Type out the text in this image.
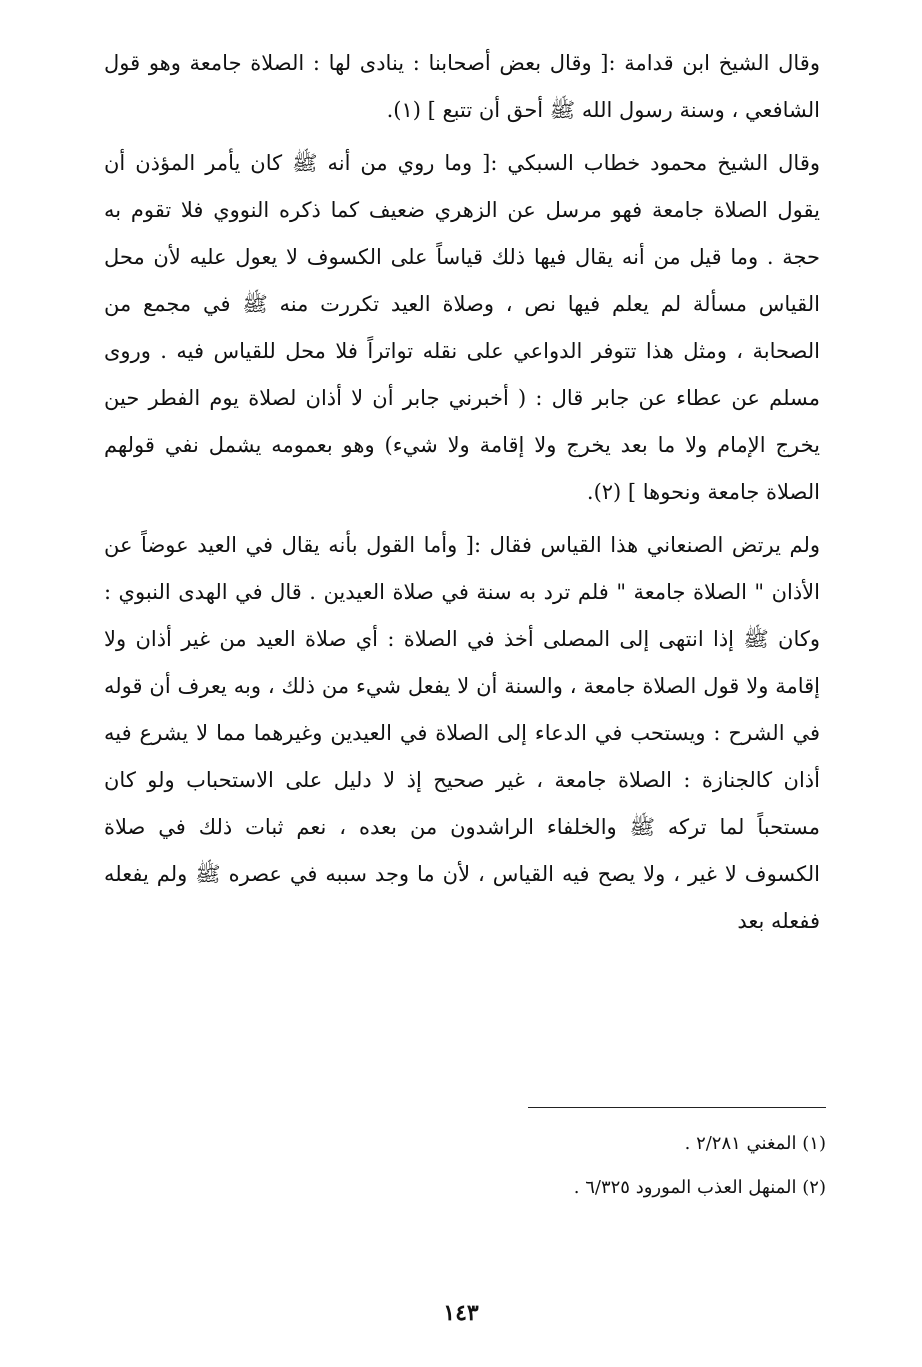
وقال الشيخ ابن قدامة :[ وقال بعض أصحابنا : ينادى لها : الصلاة جامعة وهو قول الشافعي ، وسنة رسول الله ﷺ أحق أن تتبع ] (١).

وقال الشيخ محمود خطاب السبكي :[ وما روي من أنه ﷺ كان يأمر المؤذن أن يقول الصلاة جامعة فهو مرسل عن الزهري ضعيف كما ذكره النووي فلا تقوم به حجة . وما قيل من أنه يقال فيها ذلك قياساً على الكسوف لا يعول عليه لأن محل القياس مسألة لم يعلم فيها نص ، وصلاة العيد تكررت منه ﷺ في مجمع من الصحابة ، ومثل هذا تتوفر الدواعي على نقله تواتراً فلا محل للقياس فيه . وروى مسلم عن عطاء عن جابر قال : ( أخبرني جابر أن لا أذان لصلاة يوم الفطر حين يخرج الإمام ولا ما بعد يخرج ولا إقامة ولا شيء) وهو بعمومه يشمل نفي قولهم الصلاة جامعة ونحوها ] (٢).

ولم يرتض الصنعاني هذا القياس فقال :[ وأما القول بأنه يقال في العيد عوضاً عن الأذان " الصلاة جامعة " فلم ترد به سنة في صلاة العيدين . قال في الهدى النبوي : وكان ﷺ إذا انتهى إلى المصلى أخذ في الصلاة : أي صلاة العيد من غير أذان ولا إقامة ولا قول الصلاة جامعة ، والسنة أن لا يفعل شيء من ذلك ، وبه يعرف أن قوله في الشرح : ويستحب في الدعاء إلى الصلاة في العيدين وغيرهما مما لا يشرع فيه أذان كالجنازة : الصلاة جامعة ، غير صحيح إذ لا دليل على الاستحباب ولو كان مستحباً لما تركه ﷺ والخلفاء الراشدون من بعده ، نعم ثبات ذلك في صلاة الكسوف لا غير ، ولا يصح فيه القياس ، لأن ما وجد سببه في عصره ﷺ ولم يفعله ففعله بعد

(١) المغني ٢/٢٨١ .
(٢) المنهل العذب المورود ٦/٣٢٥ .
١٤٣
